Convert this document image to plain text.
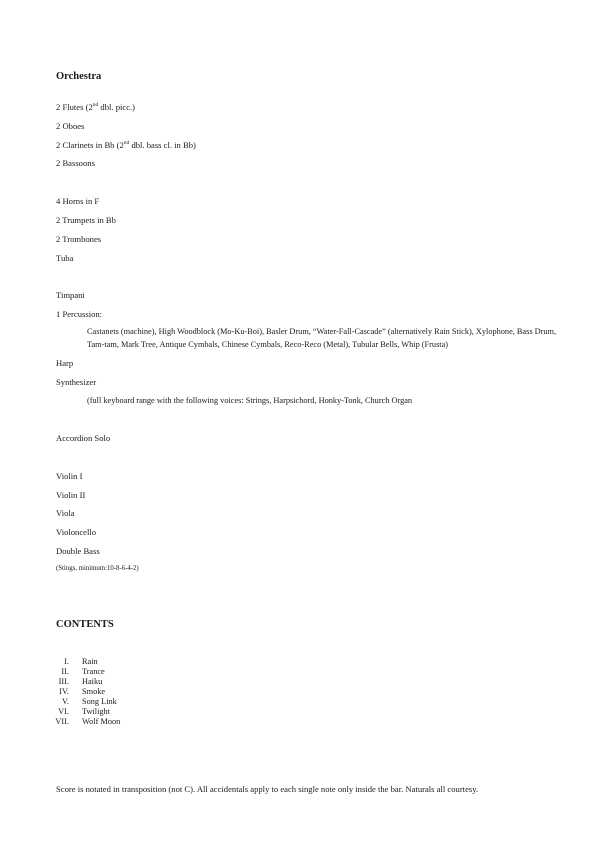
Orchestra
2 Flutes (2nd dbl. picc.)
2 Oboes
2 Clarinets in Bb (2nd dbl. bass cl. in Bb)
2 Bassoons
4 Horns in F
2 Trumpets in Bb
2 Trombones
Tuba
Timpani
1 Percussion:
Castanets (machine), High Woodblock (Mo-Ku-Boi), Basler Drum, “Water-Fall-Cascade” (alternatively Rain Stick), Xylophone, Bass Drum, Tam-tam, Mark Tree, Antique Cymbals, Chinese Cymbals, Reco-Reco (Metal), Tubular Bells, Whip (Frusta)
Harp
Synthesizer
(full keyboard range with the following voices: Strings, Harpsichord, Honky-Tonk, Church Organ
Accordion Solo
Violin I
Violin II
Viola
Violoncello
Double Bass
(Stings, minimum:10-8-6-4-2)
CONTENTS
I. Rain
II. Trance
III. Haiku
IV. Smoke
V. Song Link
VI. Twilight
VII. Wolf Moon
Score is notated in transposition (not C). All accidentals apply to each single note only inside the bar. Naturals all courtesy.
